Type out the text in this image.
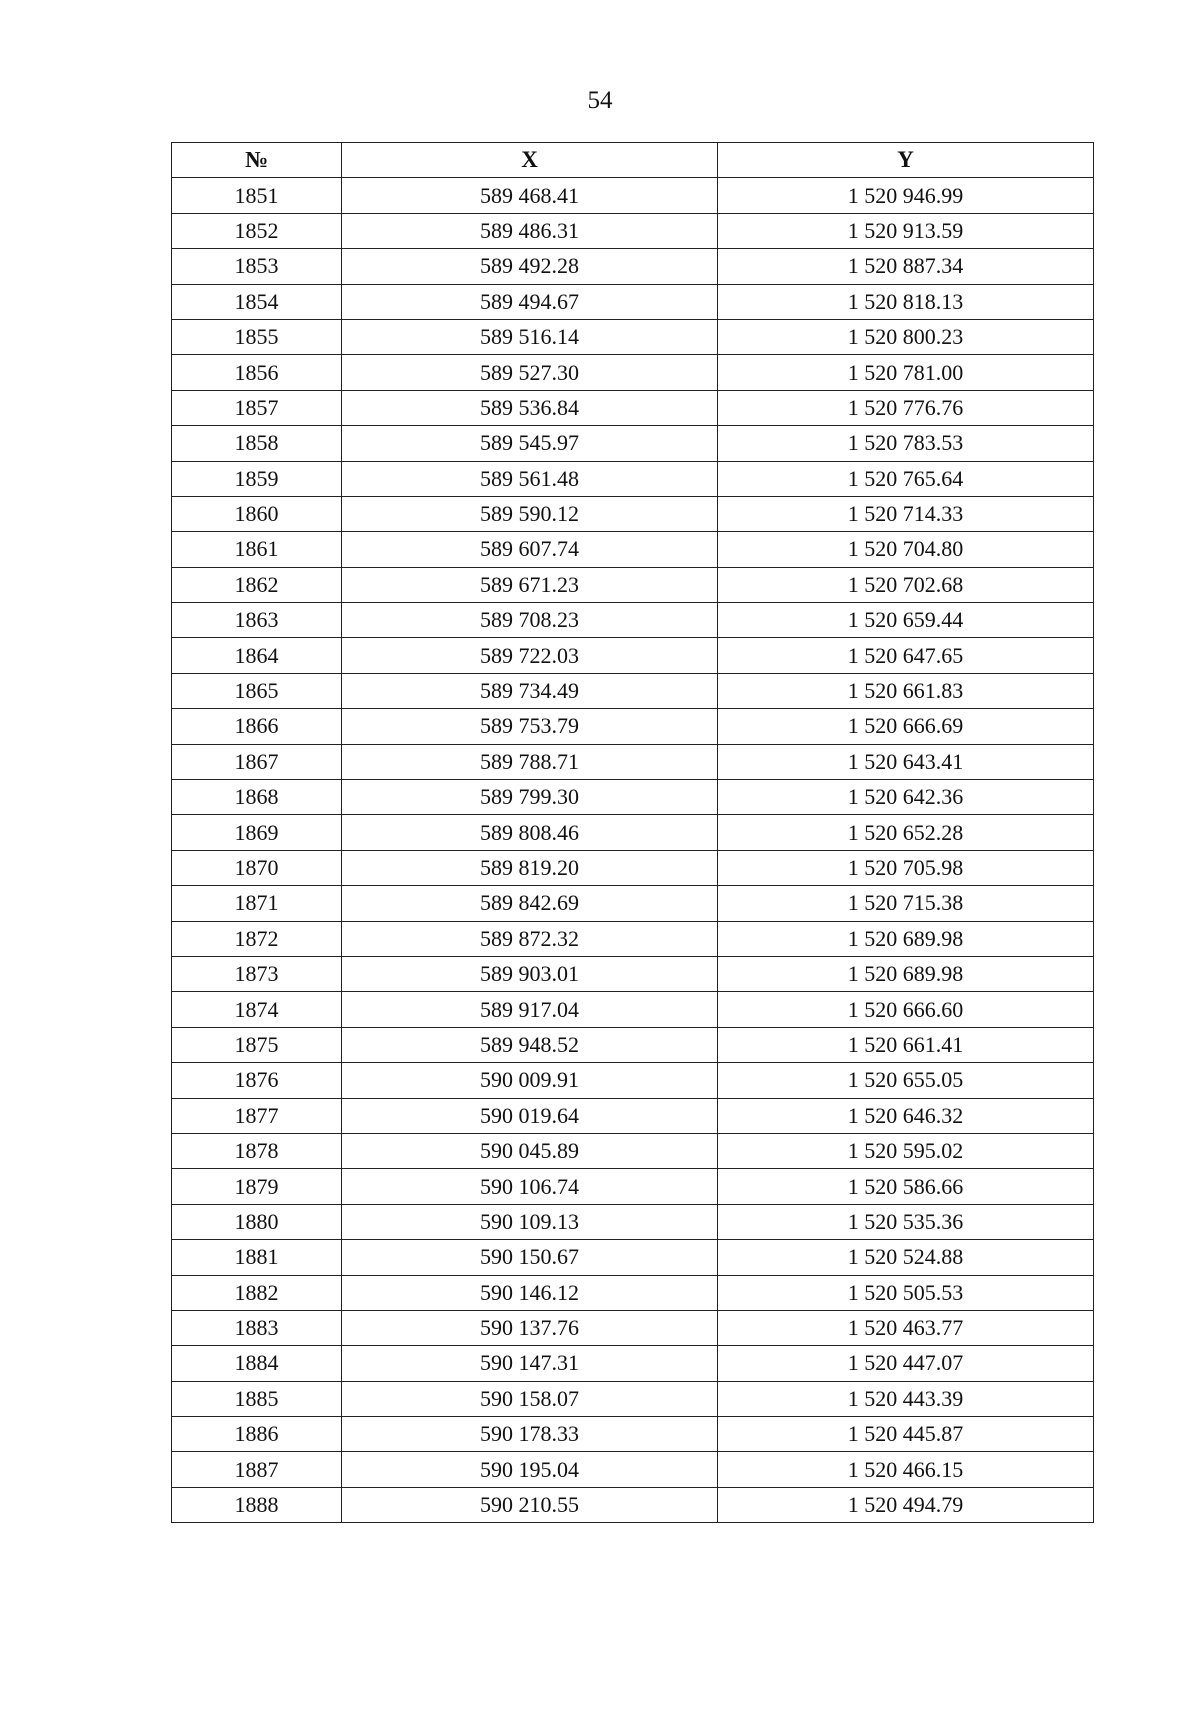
54
№	X	Y
1851	589 468.41	1 520 946.99
1852	589 486.31	1 520 913.59
1853	589 492.28	1 520 887.34
1854	589 494.67	1 520 818.13
1855	589 516.14	1 520 800.23
1856	589 527.30	1 520 781.00
1857	589 536.84	1 520 776.76
1858	589 545.97	1 520 783.53
1859	589 561.48	1 520 765.64
1860	589 590.12	1 520 714.33
1861	589 607.74	1 520 704.80
1862	589 671.23	1 520 702.68
1863	589 708.23	1 520 659.44
1864	589 722.03	1 520 647.65
1865	589 734.49	1 520 661.83
1866	589 753.79	1 520 666.69
1867	589 788.71	1 520 643.41
1868	589 799.30	1 520 642.36
1869	589 808.46	1 520 652.28
1870	589 819.20	1 520 705.98
1871	589 842.69	1 520 715.38
1872	589 872.32	1 520 689.98
1873	589 903.01	1 520 689.98
1874	589 917.04	1 520 666.60
1875	589 948.52	1 520 661.41
1876	590 009.91	1 520 655.05
1877	590 019.64	1 520 646.32
1878	590 045.89	1 520 595.02
1879	590 106.74	1 520 586.66
1880	590 109.13	1 520 535.36
1881	590 150.67	1 520 524.88
1882	590 146.12	1 520 505.53
1883	590 137.76	1 520 463.77
1884	590 147.31	1 520 447.07
1885	590 158.07	1 520 443.39
1886	590 178.33	1 520 445.87
1887	590 195.04	1 520 466.15
1888	590 210.55	1 520 494.79
